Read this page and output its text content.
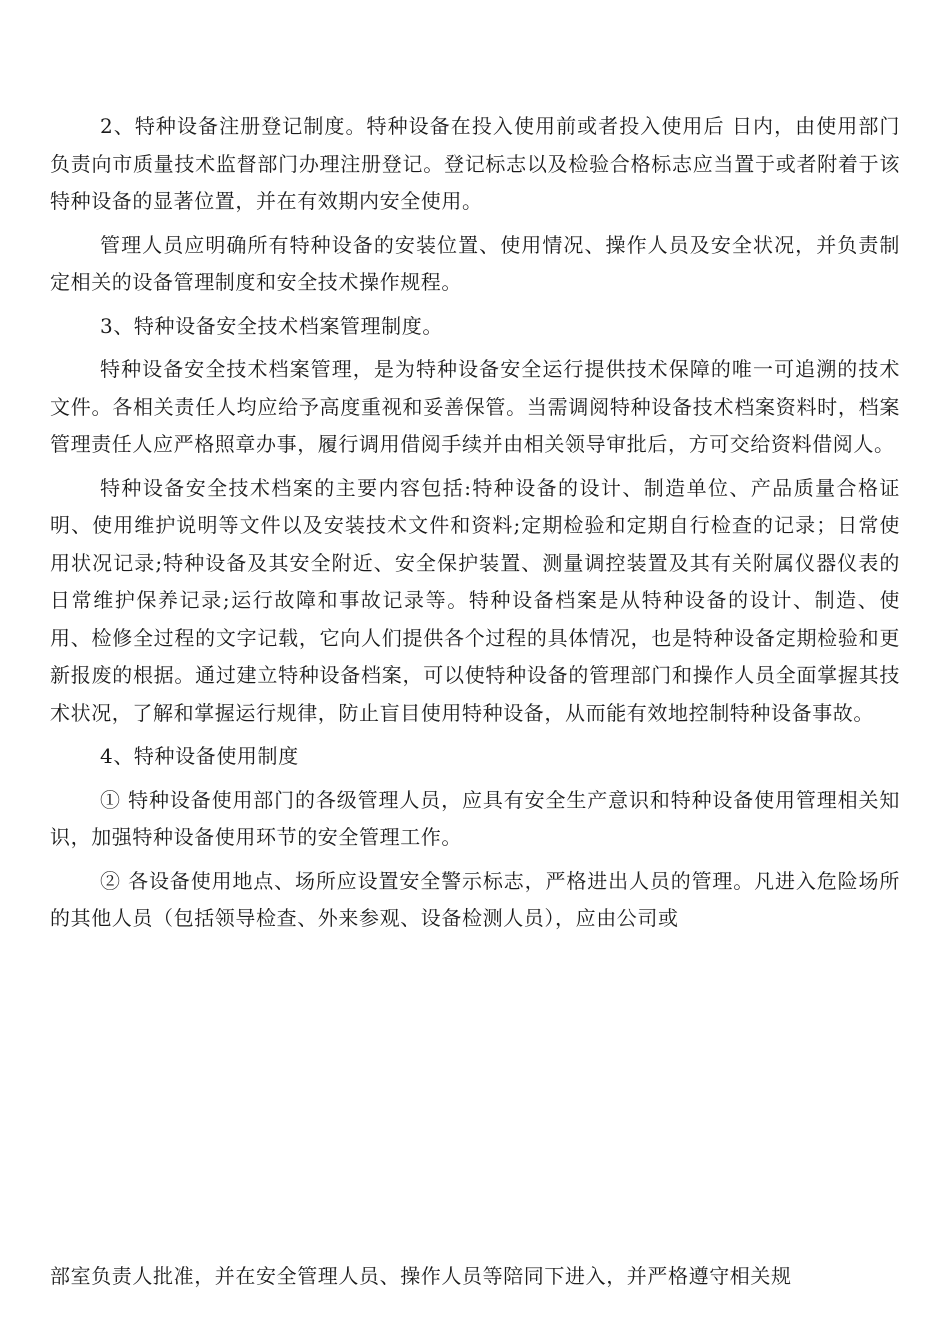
2、特种设备注册登记制度。特种设备在投入使用前或者投入使用后 日内，由使用部门负责向市质量技术监督部门办理注册登记。登记标志以及检验合格标志应当置于或者附着于该特种设备的显著位置，并在有效期内安全使用。

管理人员应明确所有特种设备的安装位置、使用情况、操作人员及安全状况，并负责制定相关的设备管理制度和安全技术操作规程。

3、特种设备安全技术档案管理制度。

特种设备安全技术档案管理，是为特种设备安全运行提供技术保障的唯一可追溯的技术文件。各相关责任人均应给予高度重视和妥善保管。当需调阅特种设备技术档案资料时，档案管理责任人应严格照章办事，履行调用借阅手续并由相关领导审批后，方可交给资料借阅人。

特种设备安全技术档案的主要内容包括:特种设备的设计、制造单位、产品质量合格证明、使用维护说明等文件以及安装技术文件和资料;定期检验和定期自行检查的记录；日常使用状况记录;特种设备及其安全附近、安全保护装置、测量调控装置及其有关附属仪器仪表的日常维护保养记录;运行故障和事故记录等。特种设备档案是从特种设备的设计、制造、使用、检修全过程的文字记载，它向人们提供各个过程的具体情况，也是特种设备定期检验和更新报废的根据。通过建立特种设备档案，可以使特种设备的管理部门和操作人员全面掌握其技术状况，了解和掌握运行规律，防止盲目使用特种设备，从而能有效地控制特种设备事故。

4、特种设备使用制度

① 特种设备使用部门的各级管理人员，应具有安全生产意识和特种设备使用管理相关知识，加强特种设备使用环节的安全管理工作。

② 各设备使用地点、场所应设置安全警示标志，严格进出人员的管理。凡进入危险场所的其他人员（包括领导检查、外来参观、设备检测人员），应由公司或

部室负责人批准，并在安全管理人员、操作人员等陪同下进入，并严格遵守相关规
